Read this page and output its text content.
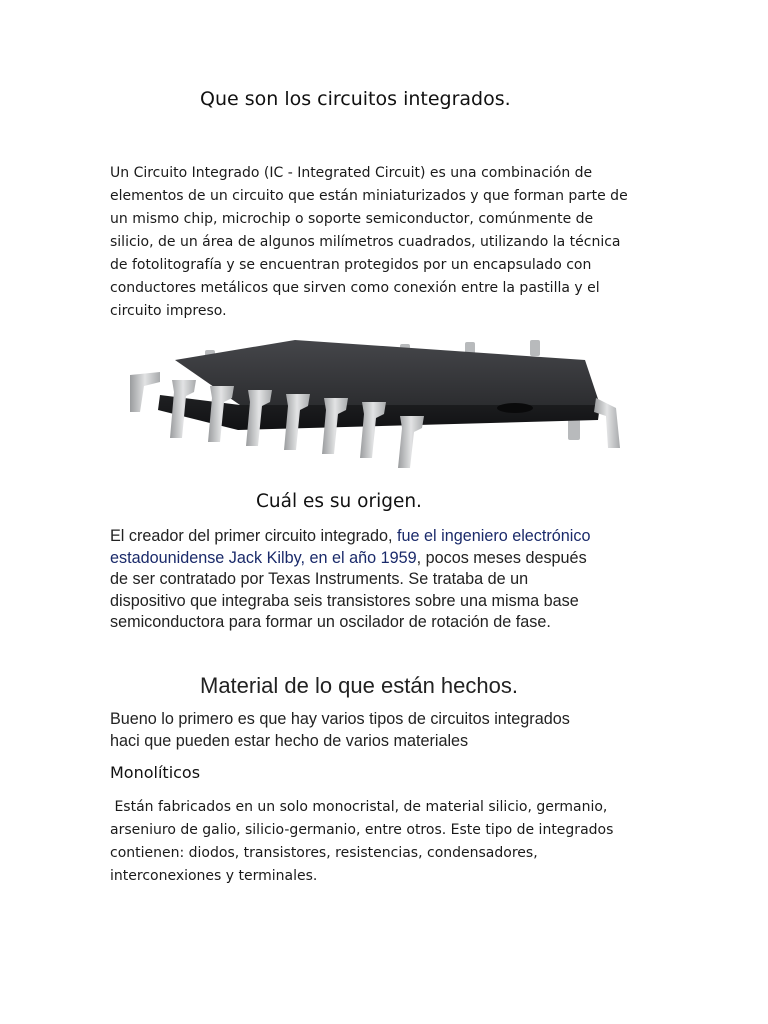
Que son los circuitos integrados.
Un Circuito Integrado (IC - Integrated Circuit) es una combinación de
elementos de un circuito que están miniaturizados y que forman parte de
un mismo chip, microchip o soporte semiconductor, comúnmente de
silicio, de un área de algunos milímetros cuadrados, utilizando la técnica
de fotolitografía y se encuentran protegidos por un encapsulado con
conductores metálicos que sirven como conexión entre la pastilla y el
circuito impreso.
Cuál es su origen.
El creador del primer circuito integrado, fue el ingeniero electrónico
estadounidense Jack Kilby, en el año 1959, pocos meses después
de ser contratado por Texas Instruments. Se trataba de un
dispositivo que integraba seis transistores sobre una misma base
semiconductora para formar un oscilador de rotación de fase.
Material de lo que están hechos.
Bueno lo primero es que hay varios tipos de circuitos integrados
haci que pueden estar hecho de varios materiales
Monolíticos
Están fabricados en un solo monocristal, de material silicio, germanio,
arseniuro de galio, silicio-germanio, entre otros. Este tipo de integrados
contienen: diodos, transistores, resistencias, condensadores,
interconexiones y terminales.
